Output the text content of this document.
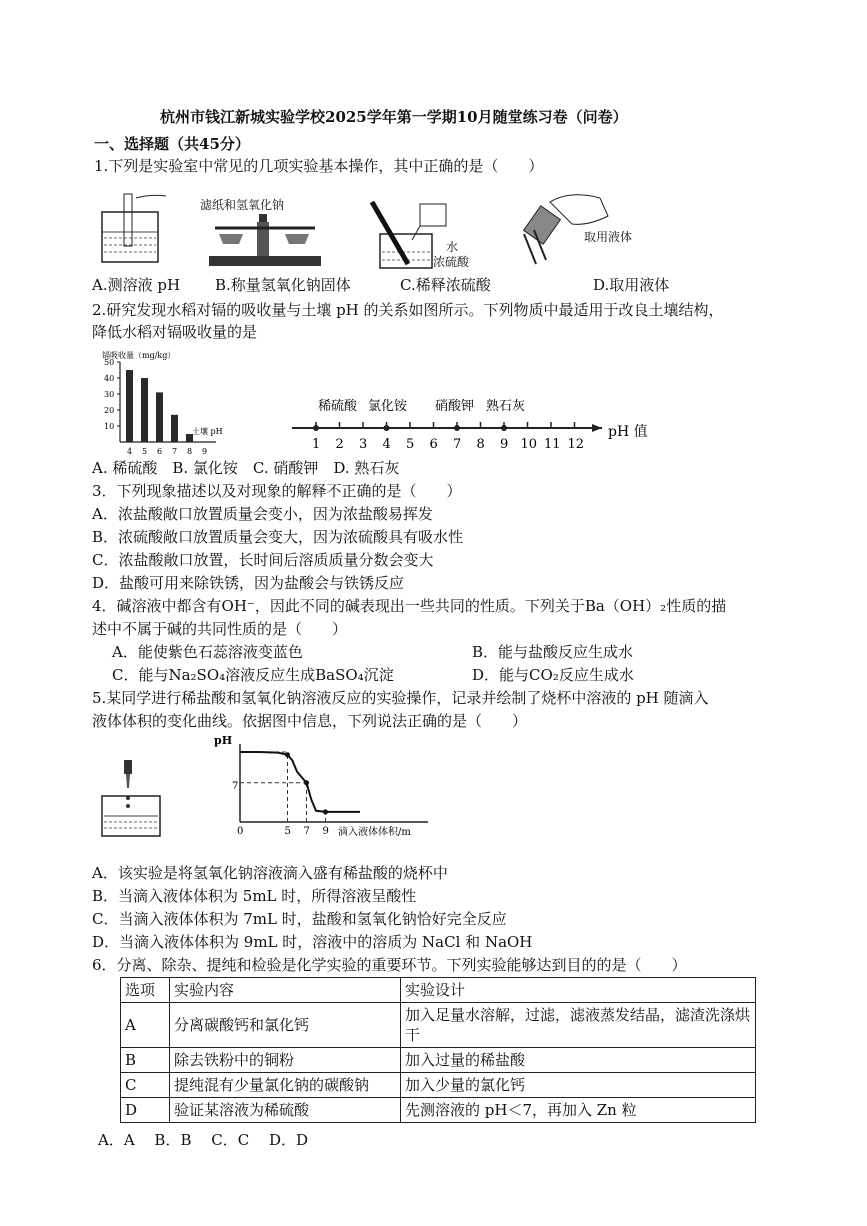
杭州市钱江新城实验学校2025学年第一学期10月随堂练习卷（问卷）
一、选择题（共45分）
1.下列是实验室中常见的几项实验基本操作，其中正确的是（　　）
滤纸和氢氧化钠
水
浓硫酸
取用液体
A.测溶液 pH B.称量氢氧化钠固体	C.稀释浓硫酸	D.取用液体
2.研究发现水稻对镉的吸收量与土壤 pH 的关系如图所示。下列物质中最适用于改良土壤结构，
降低水稻对镉吸收量的是
镉吸收量（mg/kg）
10
20
30
40
50
4 5 6 7 8 9
土壤 pH
1 2 3 4 5 6 7 8 9 10 11 12
稀硫酸 氯化铵 硝酸钾 熟石灰
pH 值
A. 稀硫酸　B. 氯化铵　C. 硝酸钾　D. 熟石灰
3．下列现象描述以及对现象的解释不正确的是（　　）
A．浓盐酸敞口放置质量会变小，因为浓盐酸易挥发
B．浓硫酸敞口放置质量会变大，因为浓硫酸具有吸水性
C．浓盐酸敞口放置，长时间后溶质质量分数会变大
D．盐酸可用来除铁锈，因为盐酸会与铁锈反应
4．碱溶液中都含有OH⁻，因此不同的碱表现出一些共同的性质。下列关于Ba（OH）₂性质的描
述中不属于碱的共同性质的是（　　）
A．能使紫色石蕊溶液变蓝色	B．能与盐酸反应生成水
C．能与Na₂SO₄溶液反应生成BaSO₄沉淀	D．能与CO₂反应生成水
5.某同学进行稀盐酸和氢氧化钠溶液反应的实验操作，记录并绘制了烧杯中溶液的 pH 随滴入
液体体积的变化曲线。依据图中信息，下列说法正确的是（　　）
pH
0	5 7 9
7
滴入液体体积/m
A．该实验是将氢氧化钠溶液滴入盛有稀盐酸的烧杯中
B．当滴入液体体积为 5mL 时，所得溶液呈酸性
C．当滴入液体体积为 7mL 时，盐酸和氢氧化钠恰好完全反应
D．当滴入液体体积为 9mL 时，溶液中的溶质为 NaCl 和 NaOH
6．分离、除杂、提纯和检验是化学实验的重要环节。下列实验能够达到目的的是（　　）
选项	实验内容	实验设计
A	分离碳酸钙和氯化钙	加入足量水溶解，过滤，滤液蒸发结晶，滤渣洗涤烘干
B	除去铁粉中的铜粉	加入过量的稀盐酸
C	提纯混有少量氯化钠的碳酸钠	加入少量的氯化钙
D	验证某溶液为稀硫酸	先测溶液的 pH＜7，再加入 Zn 粒
A．A　 B．B　 C．C　 D．D
